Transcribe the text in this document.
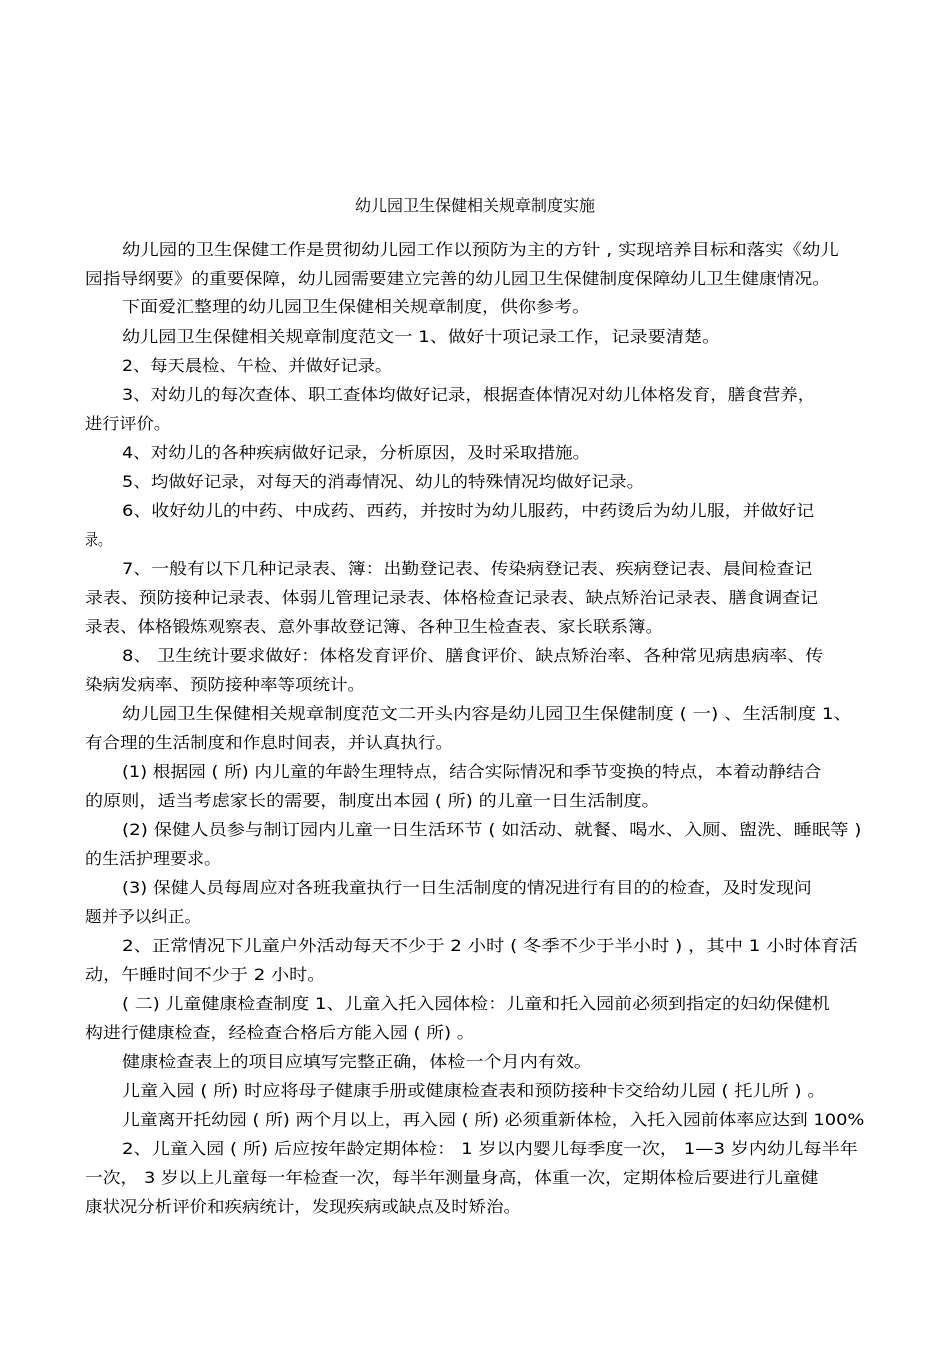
幼儿园卫生保健相关规章制度实施
幼儿园的卫生保健工作是贯彻幼儿园工作以预防为主的方针 , 实现培养目标和落实《幼儿
园指导纲要》的重要保障，幼儿园需要建立完善的幼儿园卫生保健制度保障幼儿卫生健康情况。
下面爱汇整理的幼儿园卫生保健相关规章制度，供你参考。
幼儿园卫生保健相关规章制度范文一 1、做好十项记录工作，记录要清楚。
2、每天晨检、午检、并做好记录。
3、对幼儿的每次查体、职工查体均做好记录，根据查体情况对幼儿体格发育，膳食营养，
进行评价。
4、对幼儿的各种疾病做好记录，分析原因，及时采取措施。
5、均做好记录，对每天的消毒情况、幼儿的特殊情况均做好记录。
6、收好幼儿的中药、中成药、西药，并按时为幼儿服药，中药烫后为幼儿服，并做好记
录。
7、一般有以下几种记录表、簿：出勤登记表、传染病登记表、疾病登记表、晨间检查记
录表、预防接种记录表、体弱儿管理记录表、体格检查记录表、缺点矫治记录表、膳食调查记
录表、体格锻炼观察表、意外事故登记簿、各种卫生检查表、家长联系簿。
8、 卫生统计要求做好：体格发育评价、膳食评价、缺点矫治率、各种常见病患病率、传
染病发病率、预防接种率等项统计。
幼儿园卫生保健相关规章制度范文二开头内容是幼儿园卫生保健制度 ( 一) 、生活制度 1、
有合理的生活制度和作息时间表，并认真执行。
(1) 根据园 ( 所) 内儿童的年龄生理特点，结合实际情况和季节变换的特点，本着动静结合
的原则，适当考虑家长的需要，制度出本园 ( 所) 的儿童一日生活制度。
(2) 保健人员参与制订园内儿童一日生活环节 ( 如活动、就餐、喝水、入厕、盥洗、睡眠等 )
的生活护理要求。
(3) 保健人员每周应对各班我童执行一日生活制度的情况进行有目的的检查，及时发现问
题并予以纠正。
2、正常情况下儿童户外活动每天不少于 2 小时 ( 冬季不少于半小时 ) ，其中 1 小时体育活
动，午睡时间不少于 2 小时。
( 二) 儿童健康检查制度 1、儿童入托入园体检：儿童和托入园前必须到指定的妇幼保健机
构进行健康检查，经检查合格后方能入园 ( 所) 。
健康检查表上的项目应填写完整正确，体检一个月内有效。
儿童入园 ( 所) 时应将母子健康手册或健康检查表和预防接种卡交给幼儿园 ( 托儿所 ) 。
儿童离开托幼园 ( 所) 两个月以上，再入园 ( 所) 必须重新体检，入托入园前体率应达到 100%
2、儿童入园 ( 所) 后应按年龄定期体检： 1 岁以内婴儿每季度一次， 1—3 岁内幼儿每半年
一次， 3 岁以上儿童每一年检查一次，每半年测量身高，体重一次，定期体检后要进行儿童健
康状况分析评价和疾病统计，发现疾病或缺点及时矫治。
